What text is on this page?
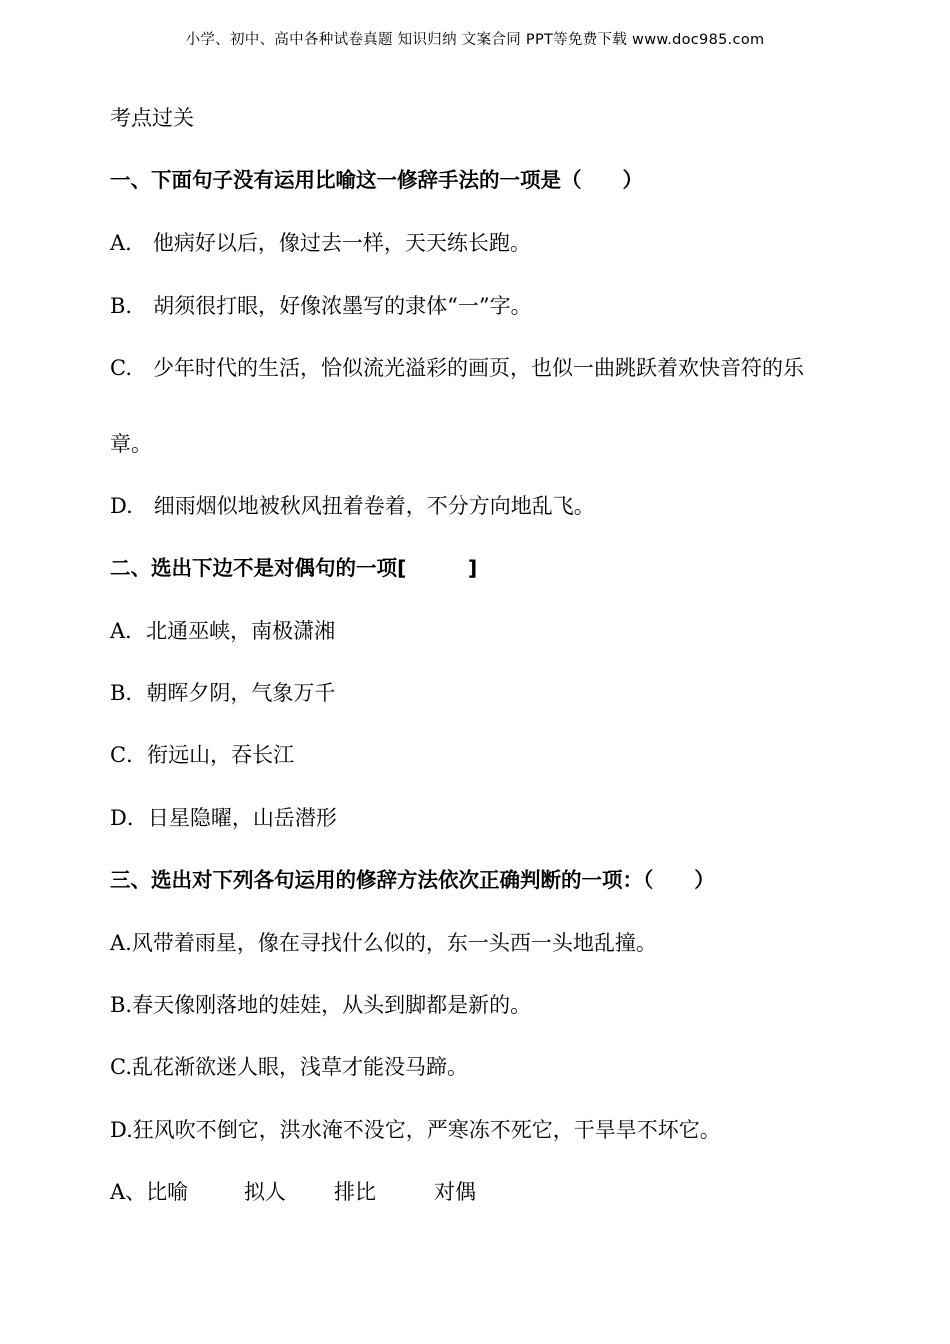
小学、初中、高中各种试卷真题 知识归纳 文案合同 PPT等免费下载 www.doc985.com
考点过关
一、下面句子没有运用比喻这一修辞手法的一项是（　　）
A.　他病好以后，像过去一样，天天练长跑。
B.　胡须很打眼，好像浓墨写的隶体“一”字。
C.　少年时代的生活，恰似流光溢彩的画页，也似一曲跳跃着欢快音符的乐
章。
D.　细雨烟似地被秋风扭着卷着，不分方向地乱飞。
二、选出下边不是对偶句的一项[　　　]
A．北通巫峡，南极潇湘
B．朝晖夕阴，气象万千
C．衔远山，吞长江
D．日星隐曜，山岳潜形
三、选出对下列各句运用的修辞方法依次正确判断的一项：（　　）
A.风带着雨星，像在寻找什么似的，东一头西一头地乱撞。
B.春天像刚落地的娃娃，从头到脚都是新的。
C.乱花渐欲迷人眼，浅草才能没马蹄。
D.狂风吹不倒它，洪水淹不没它，严寒冻不死它，干旱旱不坏它。
A、比喻	拟人 排比	对偶
